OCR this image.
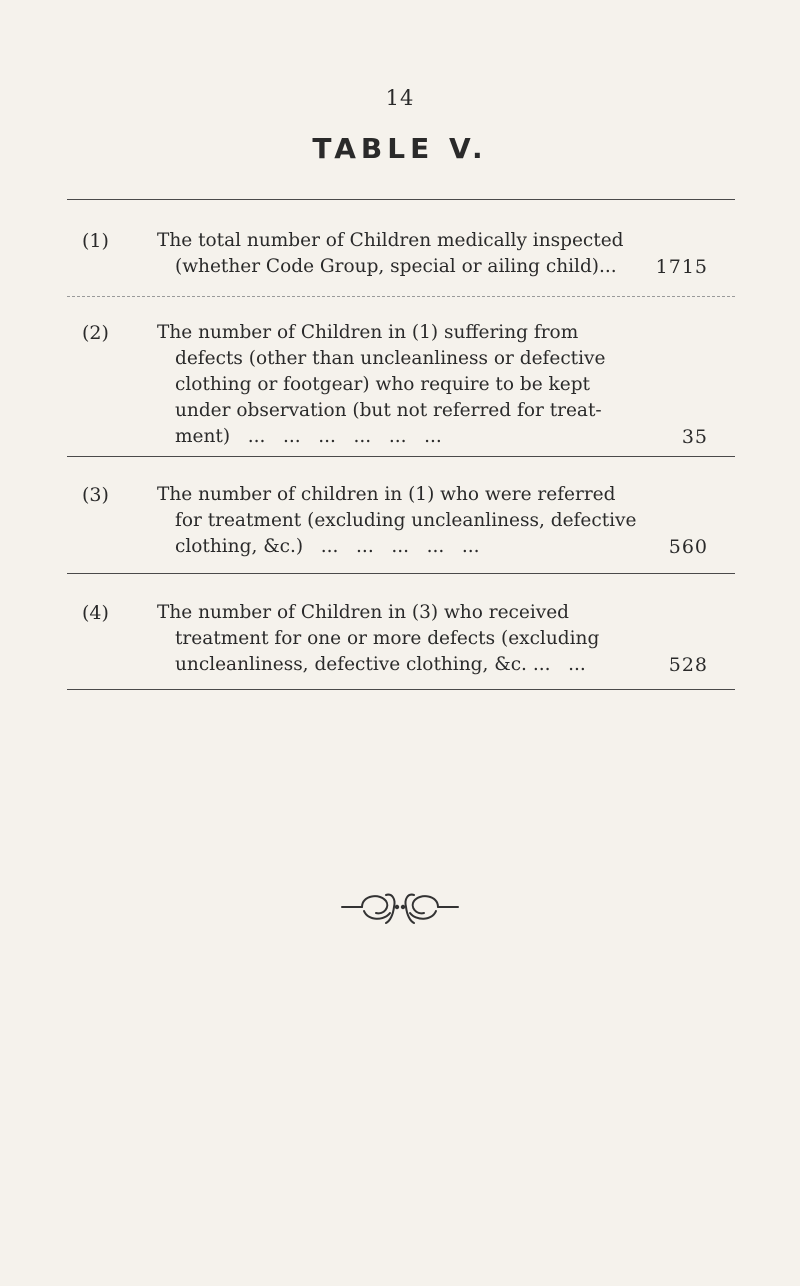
14
TABLE V.
(1)	The total number of Children medically inspected
(whether Code Group, special or ailing child)...	1715
(2)	The number of Children in (1) suffering from
defects (other than uncleanliness or defective
clothing or footgear) who require to be kept
under observation (but not referred for treat-
ment)   ...   ...   ...   ...   ...   ...	35
(3)	The number of children in (1) who were referred
for treatment (excluding uncleanliness, defective
clothing, &c.)   ...   ...   ...   ...   ...	560
(4)	The number of Children in (3) who received
treatment for one or more defects (excluding
uncleanliness, defective clothing, &c. ...   ...	528
